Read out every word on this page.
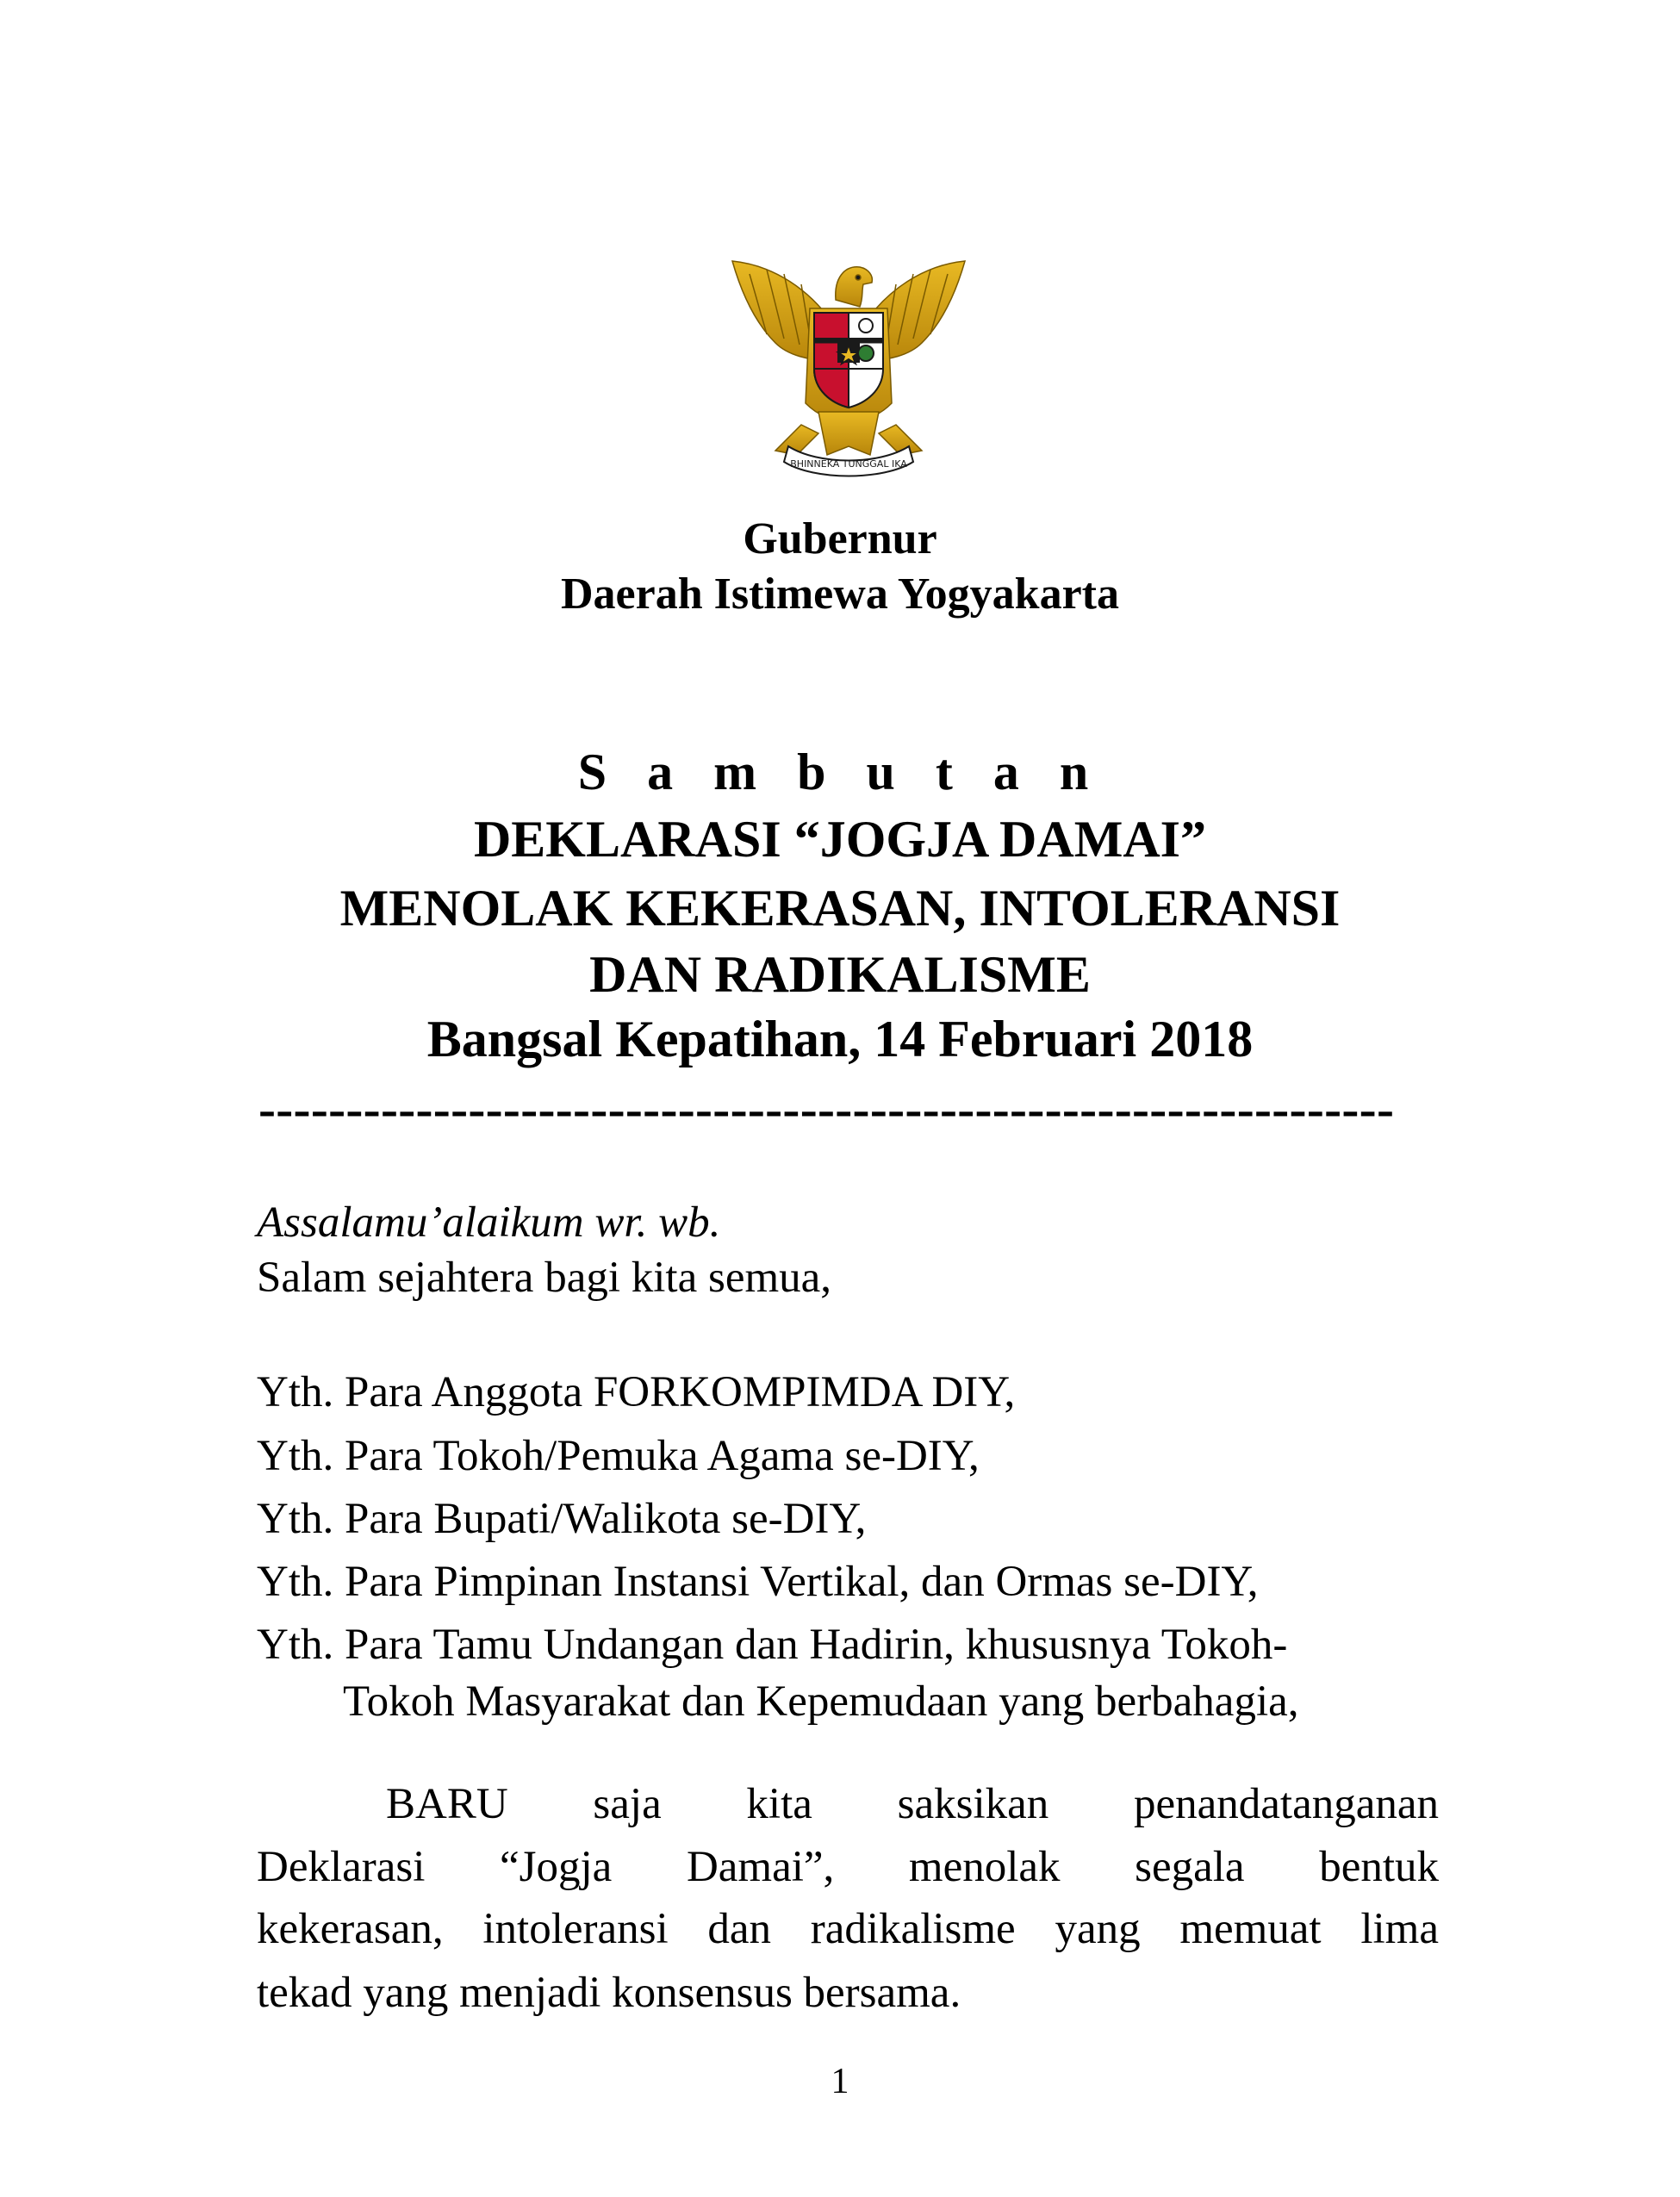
BHINNEKA TUNGGAL IKA
Gubernur
Daerah Istimewa Yogyakarta
S a m b u t a n
DEKLARASI “JOGJA DAMAI”
MENOLAK KEKERASAN, INTOLERANSI
DAN RADIKALISME
Bangsal Kepatihan, 14 Februari 2018
-----------------------------------------------------------------
Assalamu’alaikum wr. wb.
Salam sejahtera bagi kita semua,
Yth. Para Anggota FORKOMPIMDA DIY,
Yth. Para Tokoh/Pemuka Agama se-DIY,
Yth. Para Bupati/Walikota se-DIY,
Yth. Para Pimpinan Instansi Vertikal, dan Ormas se-DIY,
Yth. Para Tamu Undangan dan Hadirin, khususnya Tokoh-
Tokoh Masyarakat dan Kepemudaan yang berbahagia,
BARU saja kita saksikan penandatanganan
Deklarasi “Jogja Damai”, menolak segala bentuk
kekerasan, intoleransi dan radikalisme yang memuat lima
tekad yang menjadi konsensus bersama.
1
